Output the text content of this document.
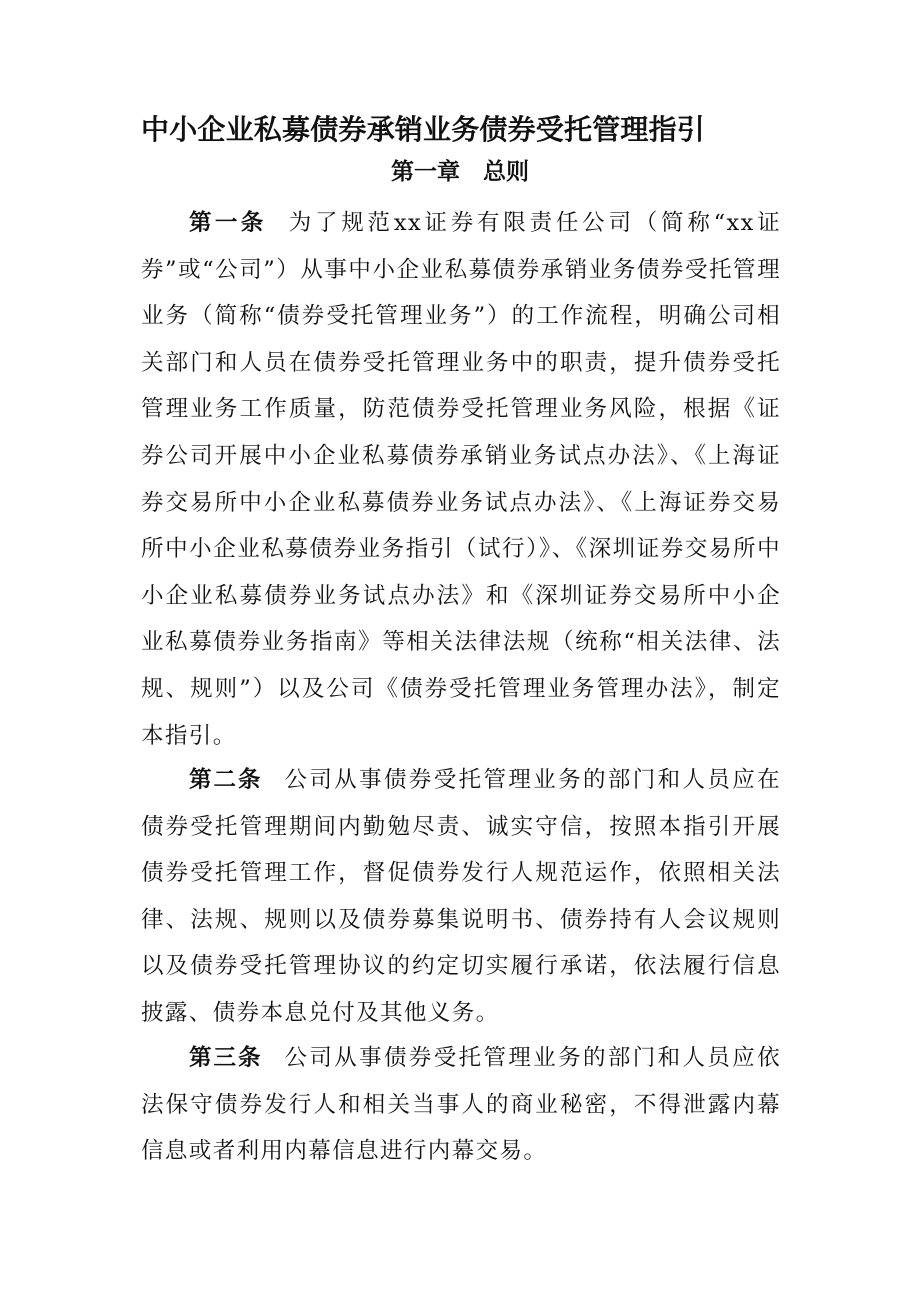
中小企业私募债券承销业务债券受托管理指引
第一章　总则

第一条 为了规范xx证券有限责任公司（简称“xx证券”或“公司”）从事中小企业私募债券承销业务债券受托管理业务（简称“债券受托管理业务”）的工作流程，明确公司相关部门和人员在债券受托管理业务中的职责，提升债券受托管理业务工作质量，防范债券受托管理业务风险，根据《证券公司开展中小企业私募债券承销业务试点办法》、《上海证券交易所中小企业私募债券业务试点办法》、《上海证券交易所中小企业私募债券业务指引（试行）》、《深圳证券交易所中小企业私募债券业务试点办法》和《深圳证券交易所中小企业私募债券业务指南》等相关法律法规（统称“相关法律、法规、规则”）以及公司《债券受托管理业务管理办法》，制定本指引。

第二条 公司从事债券受托管理业务的部门和人员应在债券受托管理期间内勤勉尽责、诚实守信，按照本指引开展债券受托管理工作，督促债券发行人规范运作，依照相关法律、法规、规则以及债券募集说明书、债券持有人会议规则以及债券受托管理协议的约定切实履行承诺，依法履行信息披露、债券本息兑付及其他义务。

第三条 公司从事债券受托管理业务的部门和人员应依法保守债券发行人和相关当事人的商业秘密，不得泄露内幕信息或者利用内幕信息进行内幕交易。
